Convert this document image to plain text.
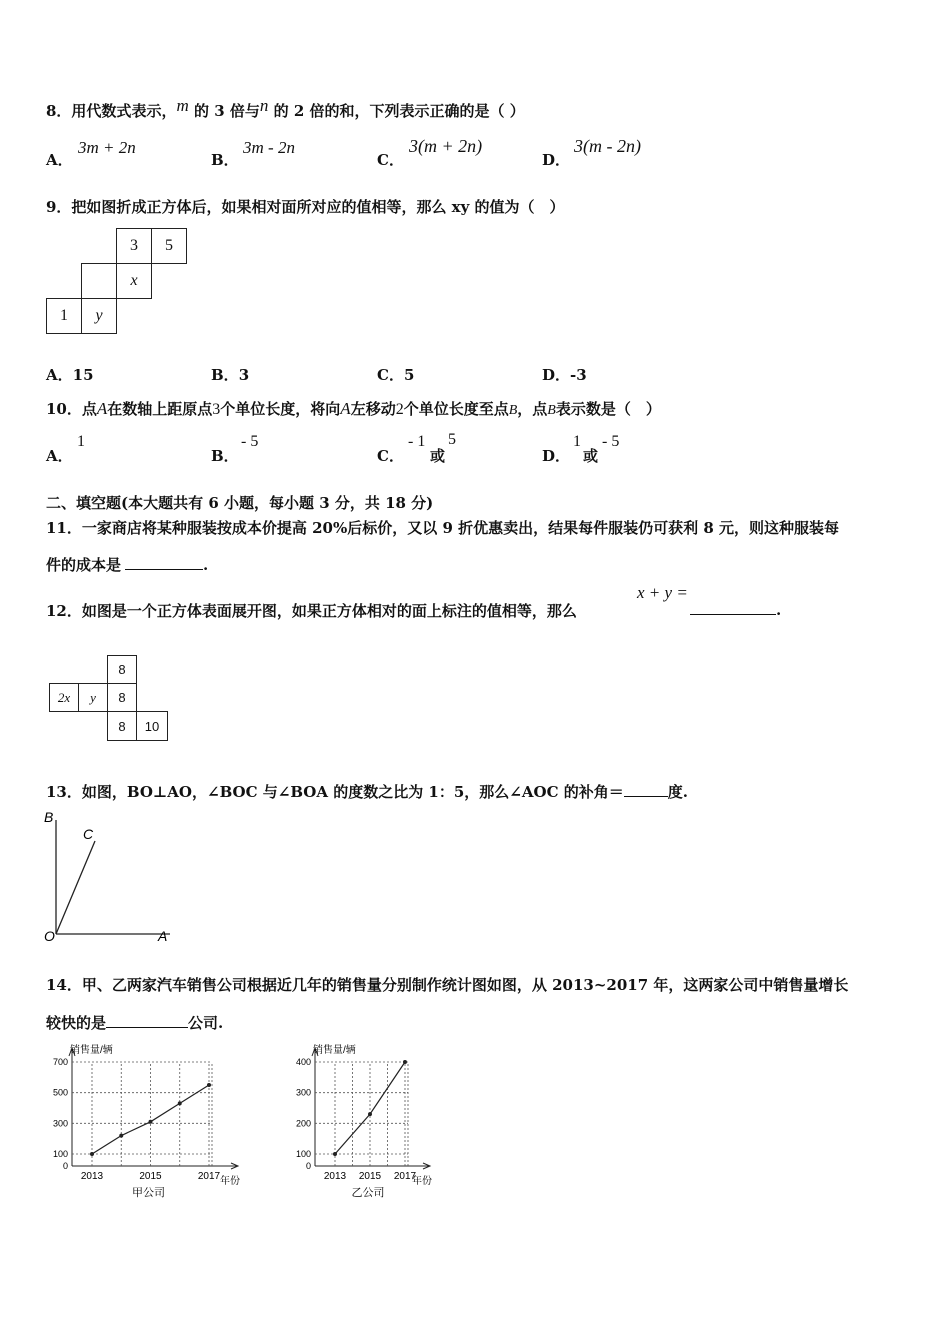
8．用代数式表示，m 的 3 倍与n 的 2 倍的和，下列表示正确的是（ ）
A．
3m + 2n
B．
3m - 2n
C．
3(m + 2n)
D．
3(m - 2n)
9．把如图折成正方体后，如果相对面所对应的值相等，那么 xy 的值为（　）
3	5
x
1	y
A．15	B．3	C．5	D．-3
10．点A在数轴上距原点3个单位长度，将向A左移动2个单位长度至点B，点B表示数是（　）
A．
1
B．
- 5
C．
- 1
或
5
D．
1
或
- 5
二、填空题(本大题共有 6 小题，每小题 3 分，共 18 分)
11．一家商店将某种服装按成本价提高 20%后标价，又以 9 折优惠卖出，结果每件服装仍可获利 8 元，则这种服装每
件的成本是	.
12．如图是一个正方体表面展开图，如果正方体相对的面上标注的值相等，那么
x + y =
.
8
2x	y	8
8	10
13．如图，BO⊥AO，∠BOC 与∠BOA 的度数之比为 1：5，那么∠AOC 的补角＝	度.
B
C
O	A
14．甲、乙两家汽车销售公司根据近几年的销售量分别制作统计图如图，从 2013~2017 年，这两家公司中销售量增长
较快的是	公司.
销售量/辆
年份
0
100
300
500
700
2013	2015	2017
甲公司
销售量/辆
年份
0
100
200
300
400
2013 2015 2017
乙公司
